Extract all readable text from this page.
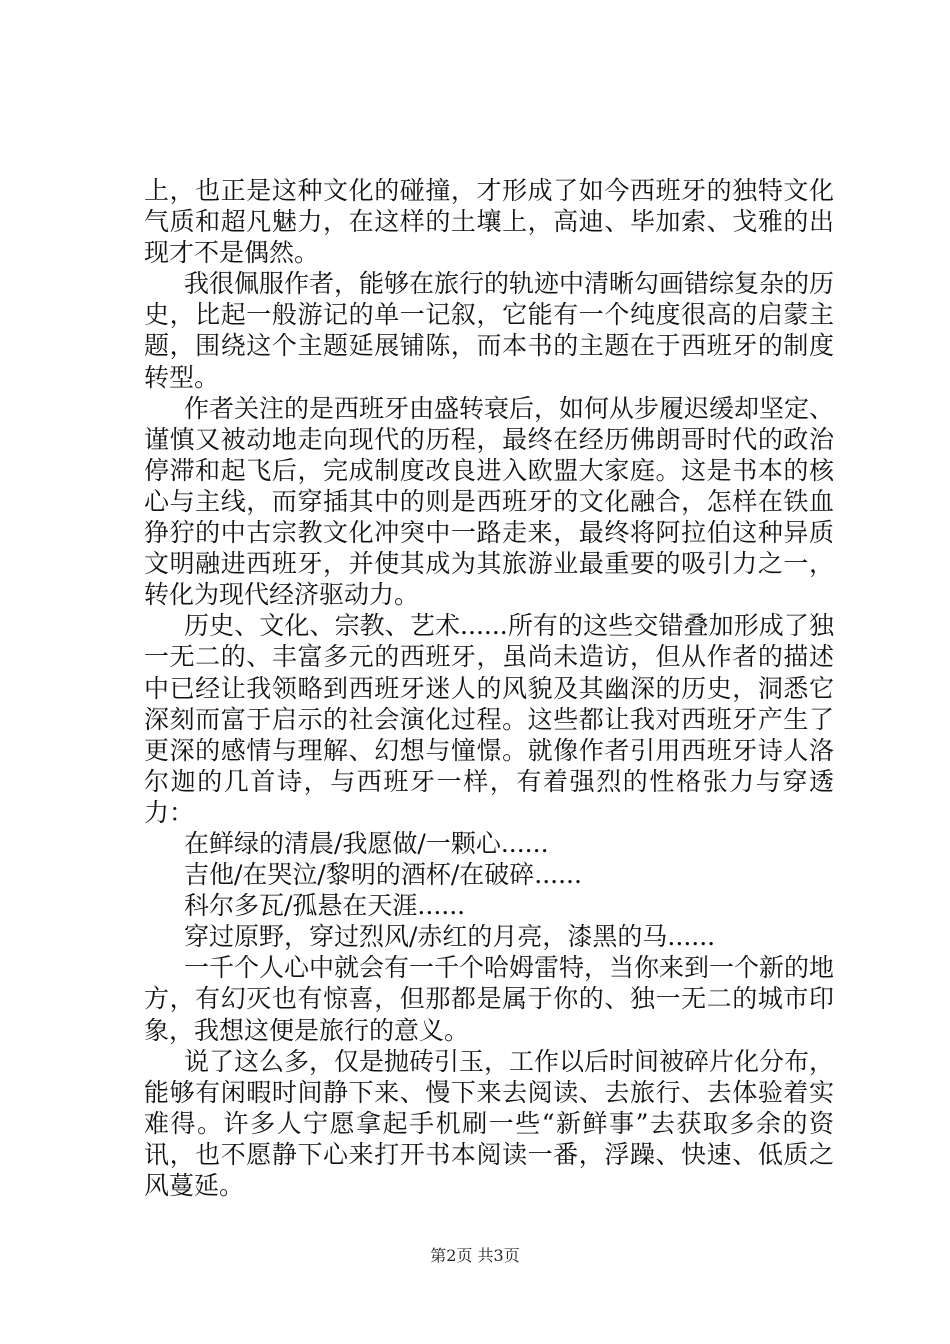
上，也正是这种文化的碰撞，才形成了如今西班牙的独特文化气质和超凡魅力，在这样的土壤上，高迪、毕加索、戈雅的出现才不是偶然。

我很佩服作者，能够在旅行的轨迹中清晰勾画错综复杂的历史，比起一般游记的单一记叙，它能有一个纯度很高的启蒙主题，围绕这个主题延展铺陈，而本书的主题在于西班牙的制度转型。

作者关注的是西班牙由盛转衰后，如何从步履迟缓却坚定、谨慎又被动地走向现代的历程，最终在经历佛朗哥时代的政治停滞和起飞后，完成制度改良进入欧盟大家庭。这是书本的核心与主线，而穿插其中的则是西班牙的文化融合，怎样在铁血狰狞的中古宗教文化冲突中一路走来，最终将阿拉伯这种异质文明融进西班牙，并使其成为其旅游业最重要的吸引力之一，转化为现代经济驱动力。

历史、文化、宗教、艺术......所有的这些交错叠加形成了独一无二的、丰富多元的西班牙，虽尚未造访，但从作者的描述中已经让我领略到西班牙迷人的风貌及其幽深的历史，洞悉它深刻而富于启示的社会演化过程。这些都让我对西班牙产生了更深的感情与理解、幻想与憧憬。就像作者引用西班牙诗人洛尔迦的几首诗，与西班牙一样，有着强烈的性格张力与穿透力：

在鲜绿的清晨/我愿做/一颗心......

吉他/在哭泣/黎明的酒杯/在破碎......

科尔多瓦/孤悬在天涯......

穿过原野，穿过烈风/赤红的月亮，漆黑的马......

一千个人心中就会有一千个哈姆雷特，当你来到一个新的地方，有幻灭也有惊喜，但那都是属于你的、独一无二的城市印象，我想这便是旅行的意义。

说了这么多，仅是抛砖引玉，工作以后时间被碎片化分布，能够有闲暇时间静下来、慢下来去阅读、去旅行、去体验着实难得。许多人宁愿拿起手机刷一些“新鲜事”去获取多余的资讯，也不愿静下心来打开书本阅读一番，浮躁、快速、低质之风蔓延。

第2页 共3页
